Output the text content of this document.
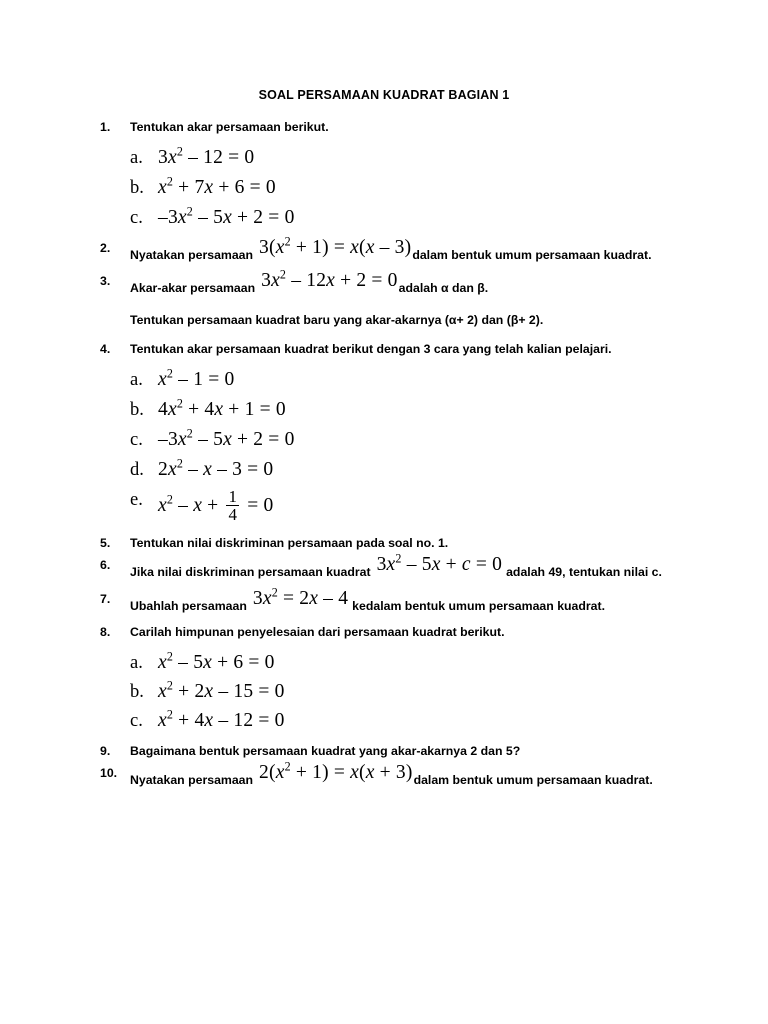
SOAL PERSAMAAN KUADRAT BAGIAN 1
1.	Tentukan akar persamaan berikut.
a. $3x^2 - 12 = 0$
b. $x^2 + 7x + 6 = 0$
c. $-3x^2 - 5x + 2 = 0$
2.	Nyatakan persamaan $3(x^2 + 1) = x(x$ – 3)dalam bentuk umum persamaan kuadrat.
3.	Akar-akar persamaan $3x^2 - 12x + 2$ = 0adalah α dan β.
Tentukan persamaan kuadrat baru yang akar-akarnya (α+ 2) dan (β+ 2).
4.	Tentukan akar persamaan kuadrat berikut dengan 3 cara yang telah kalian pelajari.
a. $x^2 - 1 = 0$
b. $4x^2 + 4x + 1 = 0$
c. $-3x^2 - 5x + 2 = 0$
d. $2x^2 - x - 3 = 0$
e. $x^2 - x + \frac{1}{4} = 0$
5.	Tentukan nilai diskriminan persamaan pada soal no. 1.
6.	Jika nilai diskriminan persamaan kuadrat $3x^2 - 5x + c = 0$ adalah 49, tentukan nilai c.
7.	Ubahlah persamaan $3x^2 = 2x - 4$ kedalam bentuk umum persamaan kuadrat.
8.	Carilah himpunan penyelesaian dari persamaan kuadrat berikut.
a. $x^2 - 5x + 6 = 0$
b. $x^2 + 2x - 15 = 0$
c. $x^2 + 4x - 12 = 0$
9.	Bagaimana bentuk persamaan kuadrat yang akar-akarnya 2 dan 5?
10.	Nyatakan persamaan $2(x^2 + 1) = x(x$ + 3)dalam bentuk umum persamaan kuadrat.
